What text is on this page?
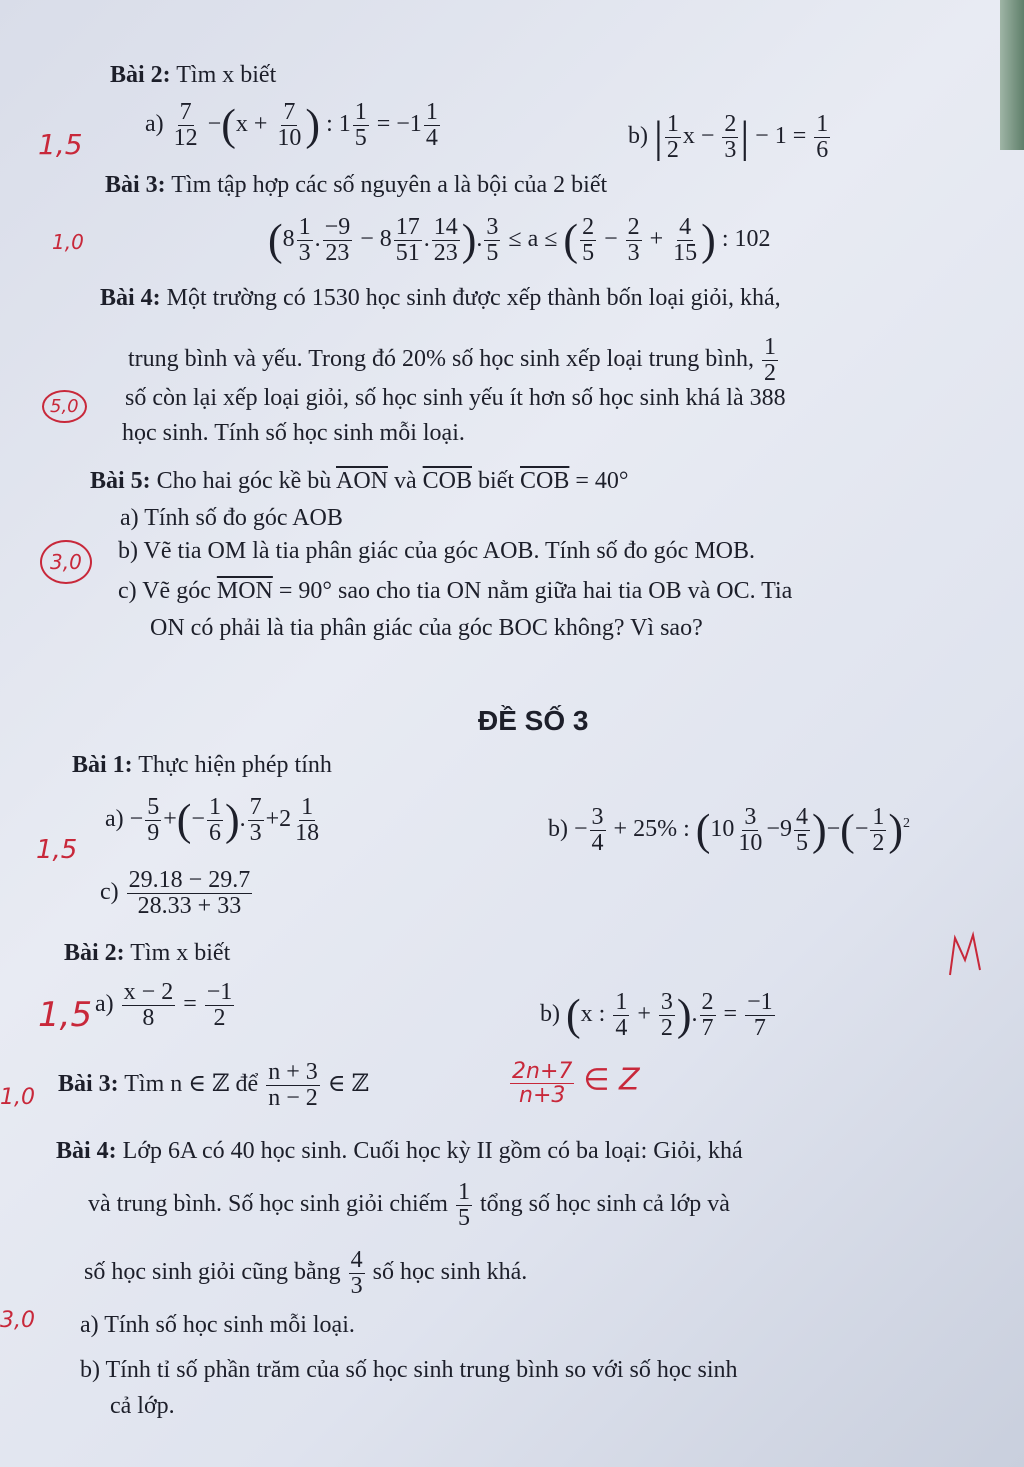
Bài 2: Tìm x biết
$a) \frac{7}{12} -(x + \frac{7}{10}$ ) : $1 \frac{1}{5} = -1 \frac{1}{4}$	b) | $\frac{1}{2}$ $x - \frac{2}{3}$ | − $1 = \frac{1}{6}$
Bài 3: Tìm tập hợp các số nguyên a là bội của 2 biết
($8 \frac{1}{3}$ . $\frac{-9}{23} - 8 \frac{17}{51}$ . $\frac{14}{23}$ ). $\frac{3}{5} \le a$ ≤ ( $\frac{2}{5} - \frac{2}{3} + \frac{4}{15}$ ) : 102
Bài 4: Một trường có 1530 học sinh được xếp thành bốn loại giỏi, khá,
trung bình và yếu. Trong đó 20% số học sinh xếp loại trung bình, $\frac{1}{2}$
số còn lại xếp loại giỏi, số học sinh yếu ít hơn số học sinh khá là 388
học sinh. Tính số học sinh mỗi loại.
Bài 5: Cho hai góc kề bù $\overline{AON}$ và $\overline{COB}$ biết $\overline{COB} = 40^\circ$
a) Tính số đo góc AOB
b) Vẽ tia OM là tia phân giác của góc AOB. Tính số đo góc MOB.
c) Vẽ góc $\overline{MON} = 90^\circ$ sao cho tia ON nằm giữa hai tia OB và OC. Tia
ON có phải là tia phân giác của góc BOC không? Vì sao?
ĐỀ SỐ 3
Bài 1: Thực hiện phép tính
$a) - \frac{5}{9}$ +(− $\frac{1}{6}$ ). $\frac{7}{3} +2 \frac{1}{18}$	$b) - \frac{3}{4} + 25\%$ : ($10 \frac{3}{10} -9 \frac{4}{5}$ )−(− $\frac{1}{2} )^2$
$c) \frac{29.18 - 29.7}{28.33 + 33}$
Bài 2: Tìm x biết
$a) \frac{x - 2}{8} = \frac{-1}{2}$	b) (x : $\frac{1}{4} + \frac{3}{2}$ ). $\frac{2}{7} = \frac{-1}{7}$
Bài 3: Tìm n ∈ ℤ để $\frac{n + 3}{n - 2}$ ∈ ℤ
Bài 4: Lớp 6A có 40 học sinh. Cuối học kỳ II gồm có ba loại: Giỏi, khá
và trung bình. Số học sinh giỏi chiếm $\frac{1}{5}$ tổng số học sinh cả lớp và
số học sinh giỏi cũng bằng $\frac{4}{3}$ số học sinh khá.
a) Tính số học sinh mỗi loại.
b) Tính tỉ số phần trăm của số học sinh trung bình so với số học sinh
cả lớp.
1,5
1,0
5,0
3,0
1,5
1,5
1,0
3,0
$\frac{2n+7}{n+3}$ ∈ Z
